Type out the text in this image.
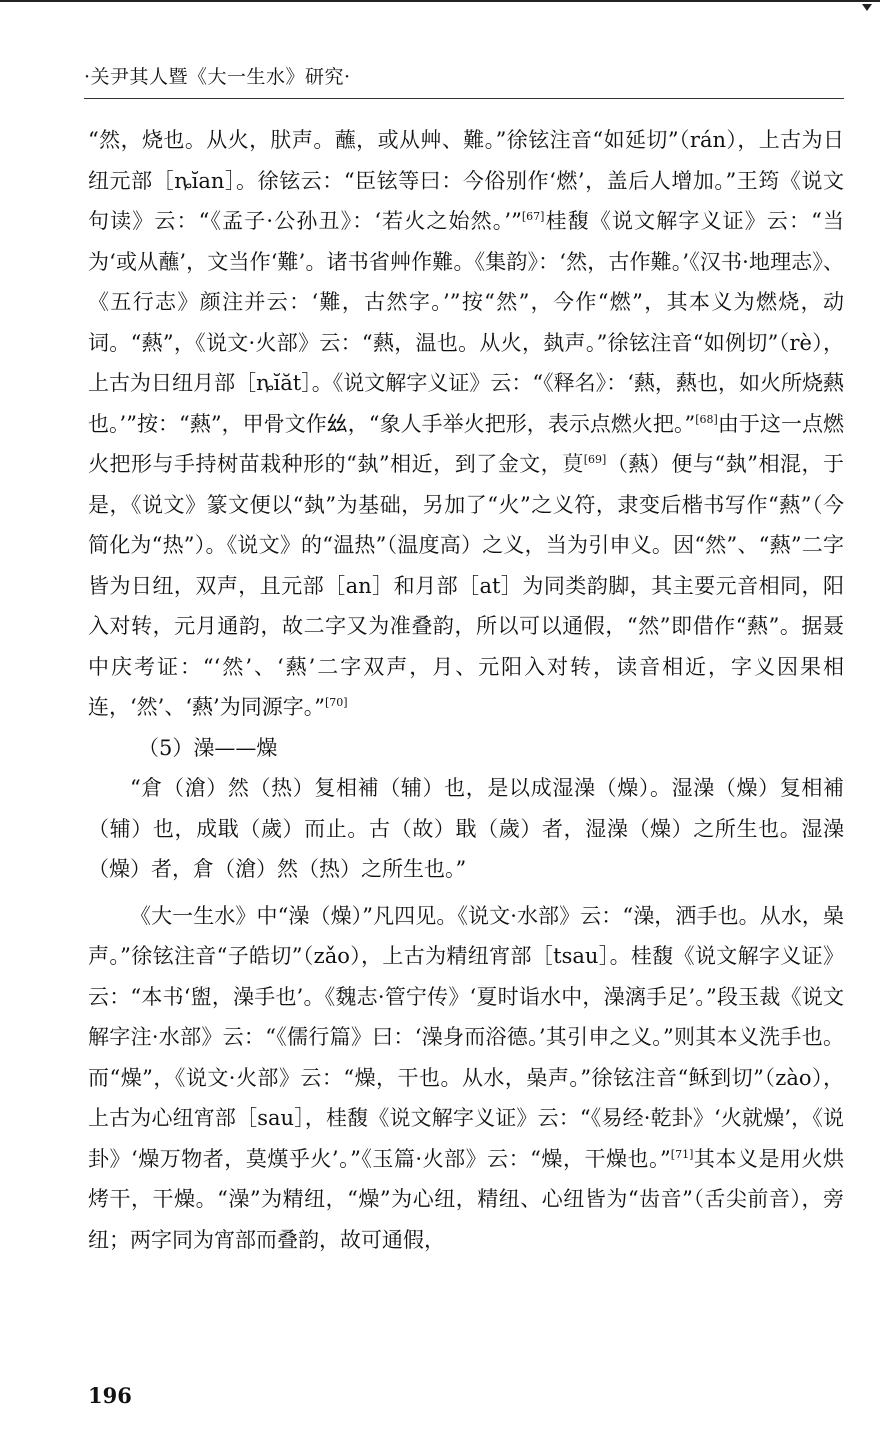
·关尹其人暨《大一生水》研究·

“然，烧也。从火，肰声。蘸，或从艸、難。”徐铉注音“如延切”（rán），上古为日纽元部［ȵĭan］。徐铉云：“臣铉等曰：今俗别作‘燃’，盖后人增加。”王筠《说文句读》云：“《孟子·公孙丑》：‘若火之始然。’”[67]桂馥《说文解字义证》云：“当为‘或从蘸’，文当作‘難’。诸书省艸作難。《集韵》：‘然，古作難。’《汉书·地理志》、《五行志》颜注并云：‘難，古然字。’”按“然”，今作“燃”，其本义为燃烧，动词。“爇”，《说文·火部》云：“爇，温也。从火，埶声。”徐铉注音“如例切”（rè），上古为日纽月部［ȵĭăt］。《说文解字义证》云：“《释名》：‘爇，爇也，如火所烧爇也。’”按：“爇”，甲骨文作𢆶，“象人手举火把形，表示点燃火把。”[68]由于这一点燃火把形与手持树苗栽种形的“埶”相近，到了金文，𤊾[69]（爇）便与“埶”相混，于是，《说文》篆文便以“埶”为基础，另加了“火”之义符，隶变后楷书写作“爇”（今简化为“热”）。《说文》的“温热”（温度高）之义，当为引申义。因“然”、“爇”二字皆为日纽，双声，且元部［an］和月部［at］为同类韵脚，其主要元音相同，阳入对转，元月通韵，故二字又为准叠韵，所以可以通假，“然”即借作“爇”。据聂中庆考证：“‘然’、‘爇’二字双声，月、元阳入对转，读音相近，字义因果相连，‘然’、‘爇’为同源字。”[70]

（5）澡——燥

“倉（滄）然（热）复相補（辅）也，是以成湿澡（燥）。湿澡（燥）复相補（辅）也，成戢（歲）而止。古（故）戢（歲）者，湿澡（燥）之所生也。湿澡（燥）者，倉（滄）然（热）之所生也。”

《大一生水》中“澡（燥）”凡四见。《说文·水部》云：“澡，洒手也。从水，喿声。”徐铉注音“子皓切”（zǎo），上古为精纽宵部［tsau］。桂馥《说文解字义证》云：“本书‘盥，澡手也’。《魏志·管宁传》‘夏时诣水中，澡漓手足’。”段玉裁《说文解字注·水部》云：“《儒行篇》曰：‘澡身而浴德。’其引申之义。”则其本义洗手也。而“燥”，《说文·火部》云：“燥，干也。从水，喿声。”徐铉注音“稣到切”（zào），上古为心纽宵部［sau］，桂馥《说文解字义证》云：“《易经·乾卦》‘火就燥’，《说卦》‘燥万物者，莫熯乎火’。”《玉篇·火部》云：“燥，干燥也。”[71]其本义是用火烘烤干，干燥。“澡”为精纽，“燥”为心纽，精纽、心纽皆为“齿音”（舌尖前音），旁纽；两字同为宵部而叠韵，故可通假，

196
